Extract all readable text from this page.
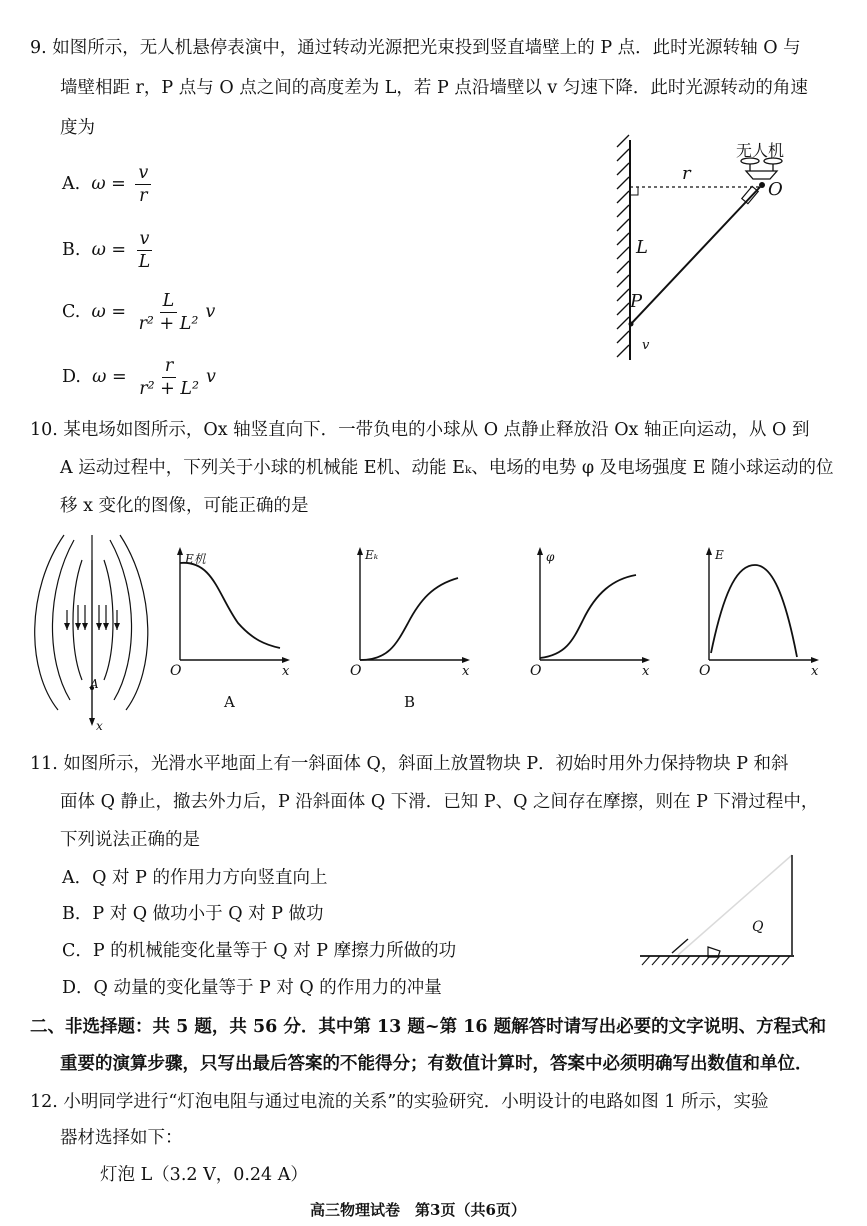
9. 如图所示，无人机悬停表演中，通过转动光源把光束投到竖直墙壁上的 P 点．此时光源转轴 O 与
墙壁相距 r，P 点与 O 点之间的高度差为 L，若 P 点沿墙壁以 v 匀速下降．此时光源转动的角速
度为
A. $\omega = \frac{v}{r}$
B. $\omega = \frac{v}{L}$
C. $\omega = \frac{L}{\text{r² + L²}}$ v
D. $\omega = \frac{r}{\text{r² + L²}}$ v
无人机
r
O
L
P
v
10. 某电场如图所示，Ox 轴竖直向下．一带负电的小球从 O 点静止释放沿 Ox 轴正向运动，从 O 到
A 运动过程中，下列关于小球的机械能 E机、动能 Eₖ、电场的电势 φ 及电场强度 E 随小球运动的位
移 x 变化的图像，可能正确的是
A
x
E机
O	x
A
Eₖ
O	x
B
φ
O	x
E
O	x
11. 如图所示，光滑水平地面上有一斜面体 Q，斜面上放置物块 P．初始时用外力保持物块 P 和斜
面体 Q 静止，撤去外力后，P 沿斜面体 Q 下滑．已知 P、Q 之间存在摩擦，则在 P 下滑过程中，
下列说法正确的是
A．Q 对 P 的作用力方向竖直向上
B．P 对 Q 做功小于 Q 对 P 做功
C．P 的机械能变化量等于 Q 对 P 摩擦力所做的功
D．Q 动量的变化量等于 P 对 Q 的作用力的冲量
Q
二、非选择题：共 5 题，共 56 分．其中第 13 题~第 16 题解答时请写出必要的文字说明、方程式和
重要的演算步骤，只写出最后答案的不能得分；有数值计算时，答案中必须明确写出数值和单位．
12. 小明同学进行“灯泡电阻与通过电流的关系”的实验研究．小明设计的电路如图 1 所示，实验
器材选择如下：
灯泡 L（3.2 V，0.24 A）
高三物理试卷　第3页（共6页）
